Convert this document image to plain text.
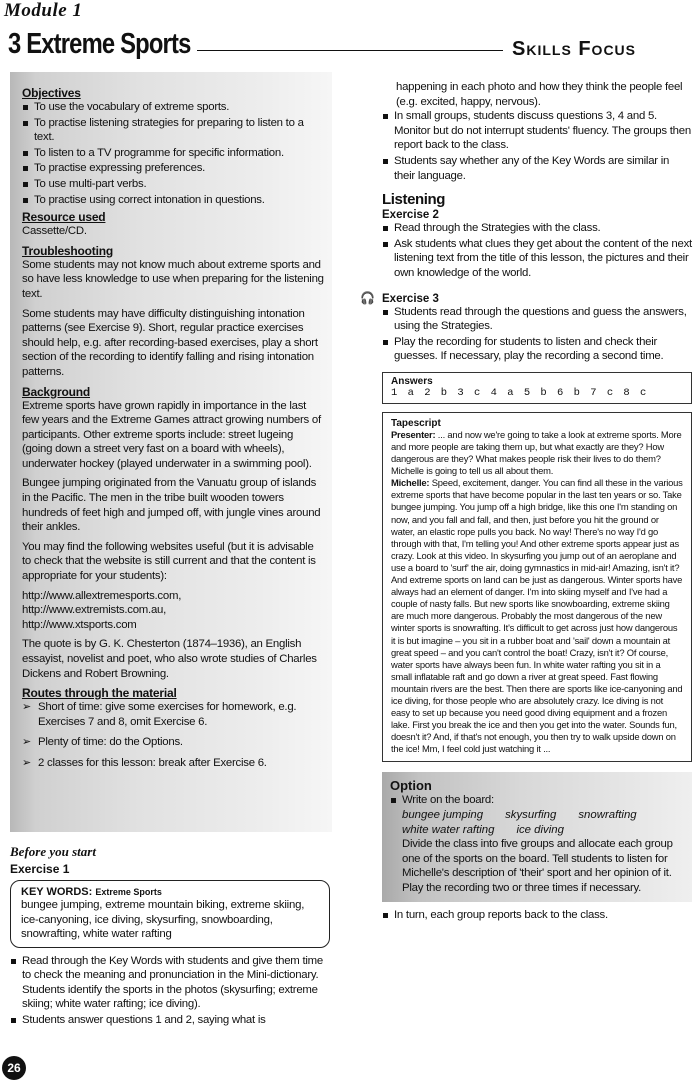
Module 1
3 Extreme Sports	Skills Focus
Objectives
To use the vocabulary of extreme sports.
To practise listening strategies for preparing to listen to a text.
To listen to a TV programme for specific information.
To practise expressing preferences.
To use multi-part verbs.
To practise using correct intonation in questions.
Resource used

Cassette/CD.

Troubleshooting

Some students may not know much about extreme sports and so have less knowledge to use when preparing for the listening text.

Some students may have difficulty distinguishing intonation patterns (see Exercise 9). Short, regular practice exercises should help, e.g. after recording-based exercises, play a short section of the recording to identify falling and rising intonation patterns.

Background

Extreme sports have grown rapidly in importance in the last few years and the Extreme Games attract growing numbers of participants. Other extreme sports include: street lugeing (going down a street very fast on a board with wheels), underwater hockey (played underwater in a swimming pool).

Bungee jumping originated from the Vanuatu group of islands in the Pacific. The men in the tribe built wooden towers hundreds of feet high and jumped off, with jungle vines around their ankles.

You may find the following websites useful (but it is advisable to check that the website is still current and that the content is appropriate for your students):

http://www.allextremesports.com,
http://www.extremists.com.au,
http://www.xtsports.com

The quote is by G. K. Chesterton (1874–1936), an English essayist, novelist and poet, who also wrote studies of Charles Dickens and Robert Browning.

Routes through the material
➢ Short of time: give some exercises for homework, e.g. Exercises 7 and 8, omit Exercise 6.
➢ Plenty of time: do the Options.
➢ 2 classes for this lesson: break after Exercise 6.
Before you start
Exercise 1
KEY WORDS: Extreme Sports
bungee jumping, extreme mountain biking, extreme skiing, ice-canyoning, ice diving, skysurfing, snowboarding, snowrafting, white water rafting
Read through the Key Words with students and give them time to check the meaning and pronunciation in the Mini-dictionary. Students identify the sports in the photos (skysurfing; extreme skiing; white water rafting; ice diving).
Students answer questions 1 and 2, saying what is
happening in each photo and how they think the people feel (e.g. excited, happy, nervous).
In small groups, students discuss questions 3, 4 and 5. Monitor but do not interrupt students' fluency. The groups then report back to the class.
Students say whether any of the Key Words are similar in their language.
Listening
Exercise 2
Read through the Strategies with the class.
Ask students what clues they get about the content of the next listening text from the title of this lesson, the pictures and their own knowledge of the world.
🎧 Exercise 3
Students read through the questions and guess the answers, using the Strategies.
Play the recording for students to listen and check their guesses. If necessary, play the recording a second time.
Answers
1 a 2 b 3 c 4 a 5 b 6 b 7 c 8 c
Tapescript
Presenter: ... and now we're going to take a look at extreme sports. More and more people are taking them up, but what exactly are they? How dangerous are they? What makes people risk their lives to do them? Michelle is going to tell us all about them.
Michelle: Speed, excitement, danger. You can find all these in the various extreme sports that have become popular in the last ten years or so. Take bungee jumping. You jump off a high bridge, like this one I'm standing on now, and you fall and fall, and then, just before you hit the ground or water, an elastic rope pulls you back. No way! There's no way I'd go through with that, I'm telling you! And other extreme sports appear just as crazy. Look at this video. In skysurfing you jump out of an aeroplane and use a board to 'surf' the air, doing gymnastics in mid-air! Amazing, isn't it? And extreme sports on land can be just as dangerous. Winter sports have always had an element of danger. I'm into skiing myself and I've had a couple of nasty falls. But new sports like snowboarding, extreme skiing are much more dangerous. Probably the most dangerous of the new winter sports is snowrafting. It's difficult to get across just how dangerous it is but imagine – you sit in a rubber boat and 'sail' down a mountain at great speed – and you can't control the boat! Crazy, isn't it? Of course, water sports have always been fun. In white water rafting you sit in a small inflatable raft and go down a river at great speed. Fast flowing mountain rivers are the best. Then there are sports like ice-canyoning and ice diving, for those people who are absolutely crazy. Ice diving is not easy to set up because you need good diving equipment and a frozen lake. First you break the ice and then you get into the water. Sounds fun, doesn't it? And, if that's not enough, you then try to walk upside down on the ice! Mm, I feel cold just watching it ...
Option
Write on the board:
bungee jumping skysurfing snowrafting
white water rafting ice diving
Divide the class into five groups and allocate each group one of the sports on the board. Tell students to listen for Michelle's description of 'their' sport and her opinion of it. Play the recording two or three times if necessary.
In turn, each group reports back to the class.
26
